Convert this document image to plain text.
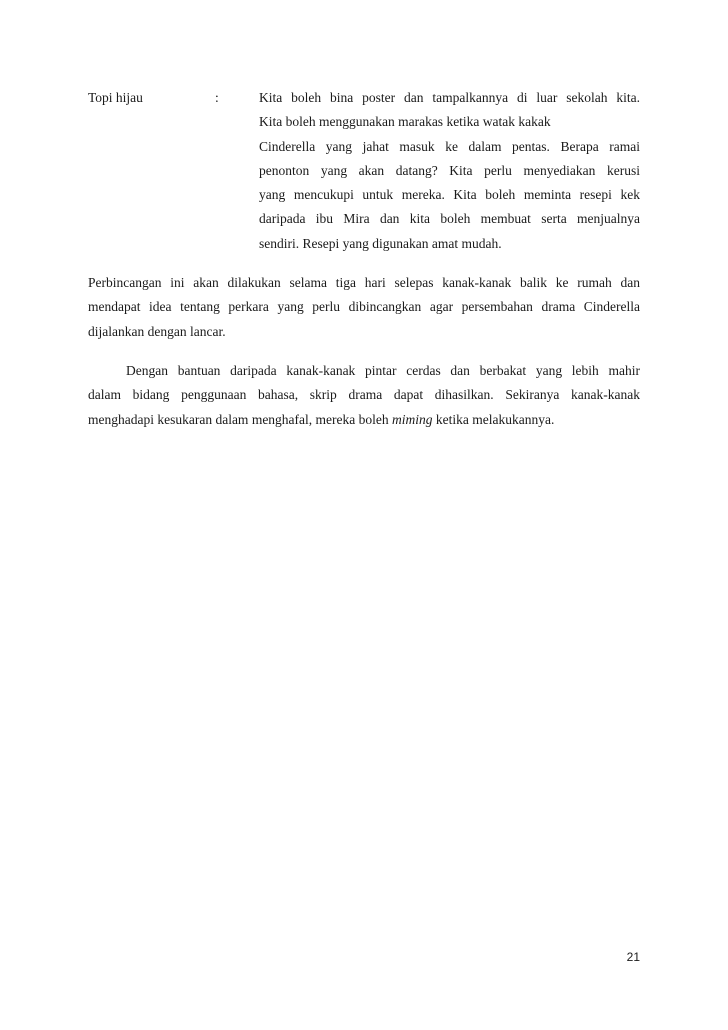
Topi hijau	:	Kita boleh bina poster dan tampalkannya di luar sekolah kita.
Kita boleh menggunakan marakas ketika watak kakak
Cinderella yang jahat masuk ke dalam pentas. Berapa ramai
penonton yang akan datang? Kita perlu menyediakan kerusi
yang mencukupi untuk mereka. Kita boleh meminta resepi kek
daripada ibu Mira dan kita boleh membuat serta menjualnya
sendiri. Resepi yang digunakan amat mudah.
Perbincangan ini akan dilakukan selama tiga hari selepas kanak-kanak balik ke rumah dan
mendapat idea tentang perkara yang perlu dibincangkan agar persembahan drama Cinderella
dijalankan dengan lancar.
Dengan bantuan daripada kanak-kanak pintar cerdas dan berbakat yang lebih mahir
dalam bidang penggunaan bahasa, skrip drama dapat dihasilkan. Sekiranya kanak-kanak
menghadapi kesukaran dalam menghafal, mereka boleh miming ketika melakukannya.
21
